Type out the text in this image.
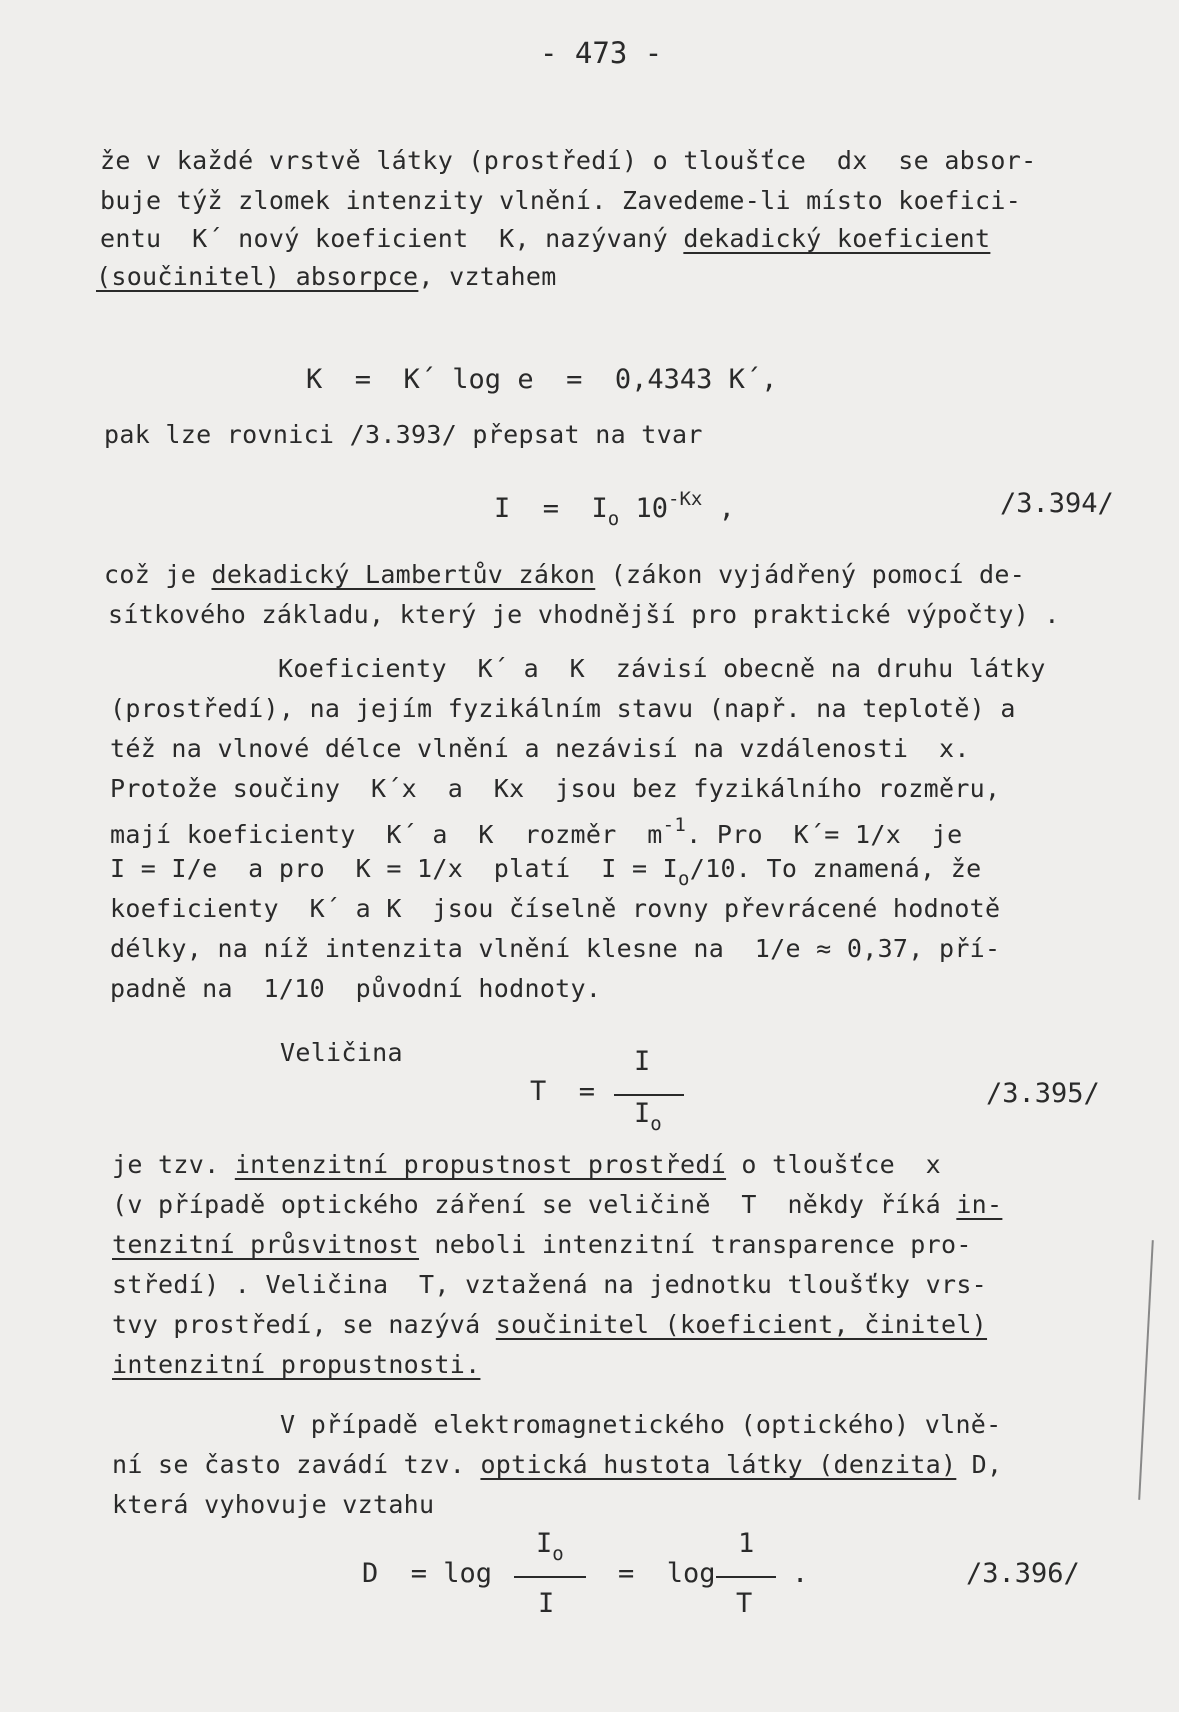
- 473 -
že v každé vrstvě látky (prostředí) o tloušťce  dx  se absor-
buje týž zlomek intenzity vlnění. Zavedeme-li místo koefici-
entu  K´ nový koeficient  K, nazývaný dekadický koeficient
(součinitel) absorpce, vztahem
K  =  K´ log e  =  0,4343 K´,
pak lze rovnici /3.393/ přepsat na tvar
$I = I_o$ $10^{-Kx}$ ,	/3.394/
což je dekadický Lambertův zákon (zákon vyjádřený pomocí de-
sítkového základu, který je vhodnější pro praktické výpočty) .
Koeficienty  K´ a  K  závisí obecně na druhu látky
(prostředí), na jejím fyzikálním stavu (např. na teplotě) a
též na vlnové délce vlnění a nezávisí na vzdálenosti  x.
Protože součiny  K´x  a  Kx  jsou bez fyzikálního rozměru,
mají koeficienty  K´ a  K  rozměr  $m^{-1}$. Pro  K´= 1/x  je
I = I/e  a pro  K = 1/x  platí  $I = I_o/10$. To znamená, že
koeficienty  K´ a K  jsou číselně rovny převrácené hodnotě
délky, na níž intenzita vlnění klesne na  1/e ≈ 0,37, pří-
padně na  1/10  původní hodnoty.
Veličina
T  =
I
$I_o$
/3.395/
je tzv. intenzitní propustnost prostředí o tloušťce  x
(v případě optického záření se veličině  T  někdy říká in-
tenzitní průsvitnost neboli intenzitní transparence pro-
středí) . Veličina  T, vztažená na jednotku tloušťky vrs-
tvy prostředí, se nazývá součinitel (koeficient, činitel)
intenzitní propustnosti.
V případě elektromagnetického (optického) vlně-
ní se často zavádí tzv. optická hustota látky (denzita) D,
která vyhovuje vztahu
D  = log
$I_o$
I
=  log
1
T
.	/3.396/
